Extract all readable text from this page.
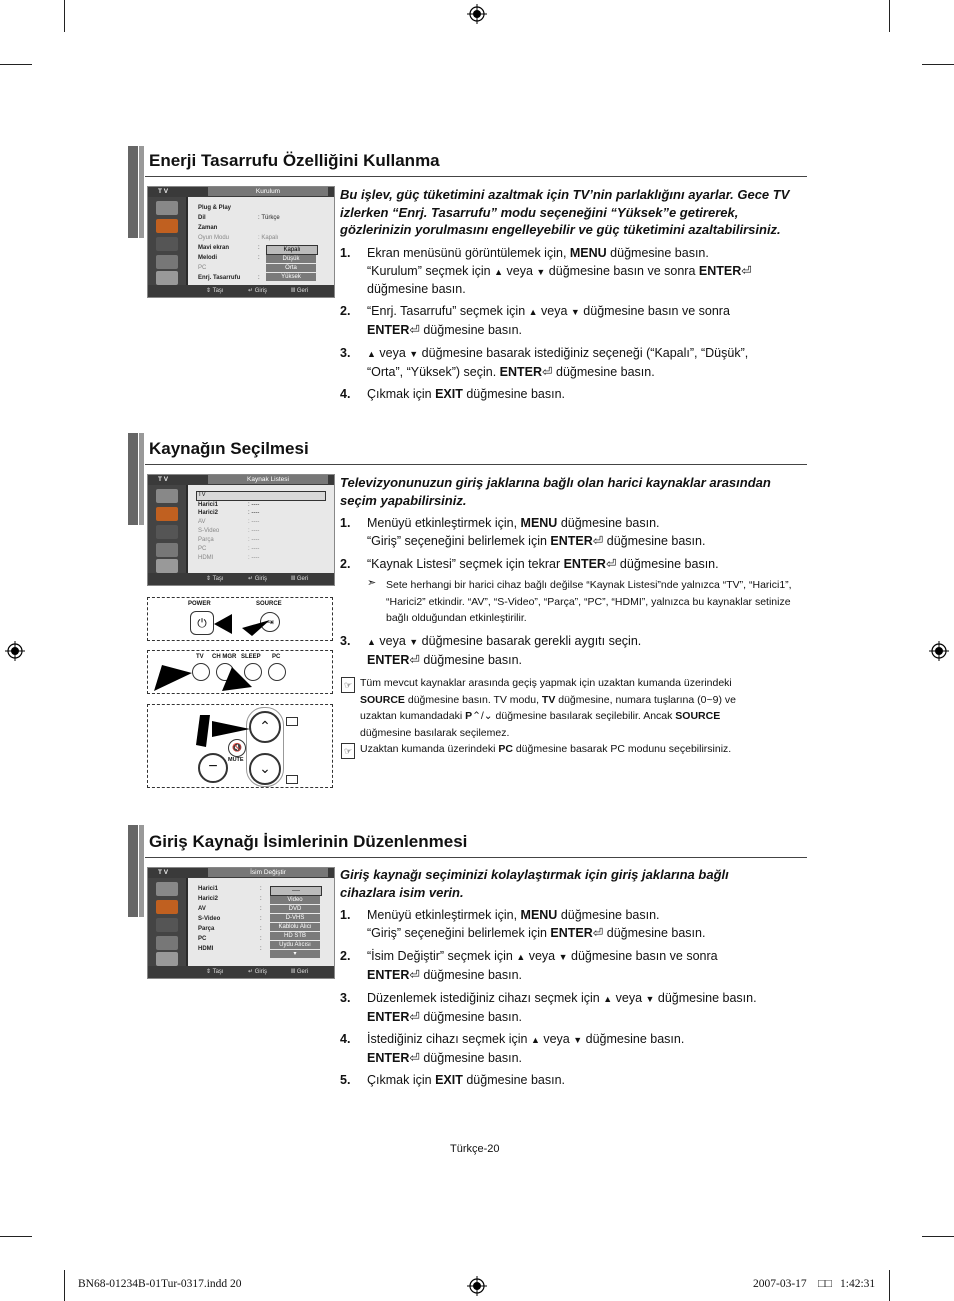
Enerji Tasarrufu Özelliğini Kullanma
T V	Kurulum
Plug & Play
Dil	: Türkçe
Zaman
Oyun Modu	: Kapalı
Mavi ekran	:
Melodi	:
PC
Enrj. Tasarrufu	:
Kapalı
Düşük
Orta
Yüksek
⇕ Taşı	↵ Giriş	Ⅲ Geri
Bu işlev, güç tüketimini azaltmak için TV’nin parlaklığını ayarlar. Gece TV izlerken “Enrj. Tasarrufu” modu seçeneğini “Yüksek”e getirerek, gözlerinizin yorulmasını engelleyebilir ve güç tüketimini azaltabilirsiniz.
1. Ekran menüsünü görüntülemek için, MENU düğmesine basın.
“Kurulum” seçmek için ▲ veya ▼ düğmesine basın ve sonra ENTER⏎
düğmesine basın.
2. “Enrj. Tasarrufu” seçmek için ▲ veya ▼ düğmesine basın ve sonra
ENTER⏎ düğmesine basın.
3. ▲ veya ▼ düğmesine basarak istediğiniz seçeneği (“Kapalı”, “Düşük”,
“Orta”, “Yüksek”) seçin. ENTER⏎ düğmesine basın.
4. Çıkmak için EXIT düğmesine basın.
Kaynağın Seçilmesi
T V	Kaynak Listesi
TV
Harici1	: ----
Harici2	: ----
AV	: ----
S-Video	: ----
Parça	: ----
PC	: ----
HDMI	: ----
⇕ Taşı	↵ Giriş	Ⅲ Geri
POWER
⏻
SOURCE
⇥
TV CH MGR SLEEP PC
⌃
⌄
−
🔇
MUTE
Televizyonunuzun giriş jaklarına bağlı olan harici kaynaklar arasından seçim yapabilirsiniz.
1. Menüyü etkinleştirmek için, MENU düğmesine basın.
“Giriş” seçeneğini belirlemek için ENTER⏎ düğmesine basın.
2. “Kaynak Listesi” seçmek için tekrar ENTER⏎ düğmesine basın.
➣ Sete herhangi bir harici cihaz bağlı değilse “Kaynak Listesi”nde yalnızca “TV”, “Harici1”, “Harici2” etkindir. “AV”, “S-Video”, “Parça”, “PC”, “HDMI”, yalnızca bu kaynaklar setinize bağlı olduğundan etkinleştirilir.
3. ▲ veya ▼ düğmesine basarak gerekli aygıtı seçin.
ENTER⏎ düğmesine basın.
☞ Tüm mevcut kaynaklar arasında geçiş yapmak için uzaktan kumanda üzerindeki
SOURCE düğmesine basın. TV modu, TV düğmesine, numara tuşlarına (0~9) ve
uzaktan kumandadaki P⌃/⌄ düğmesine basılarak seçilebilir. Ancak SOURCE
düğmesine basılarak seçilemez.
☞ Uzaktan kumanda üzerindeki PC düğmesine basarak PC modunu seçebilirsiniz.
Giriş Kaynağı İsimlerinin Düzenlenmesi
T V	İsim Değiştir
Harici1	:
Harici2	:
AV	:
S-Video	:
Parça	:
PC	:
HDMI	:
----
Video
DVD
D-VHS
Kablolu Alıcı
HD STB
Uydu Alıcısı
▾
⇕ Taşı	↵ Giriş	Ⅲ Geri
Giriş kaynağı seçiminizi kolaylaştırmak için giriş jaklarına bağlı cihazlara isim verin.
1. Menüyü etkinleştirmek için, MENU düğmesine basın.
“Giriş” seçeneğini belirlemek için ENTER⏎ düğmesine basın.
2. “İsim Değiştir” seçmek için ▲ veya ▼ düğmesine basın ve sonra
ENTER⏎ düğmesine basın.
3. Düzenlemek istediğiniz cihazı seçmek için ▲ veya ▼ düğmesine basın.
ENTER⏎ düğmesine basın.
4. İstediğiniz cihazı seçmek için ▲ veya ▼ düğmesine basın.
ENTER⏎ düğmesine basın.
5. Çıkmak için EXIT düğmesine basın.
Türkçe-20
BN68-01234B-01Tur-0317.indd 20	2007-03-17 □□ 1:42:31
